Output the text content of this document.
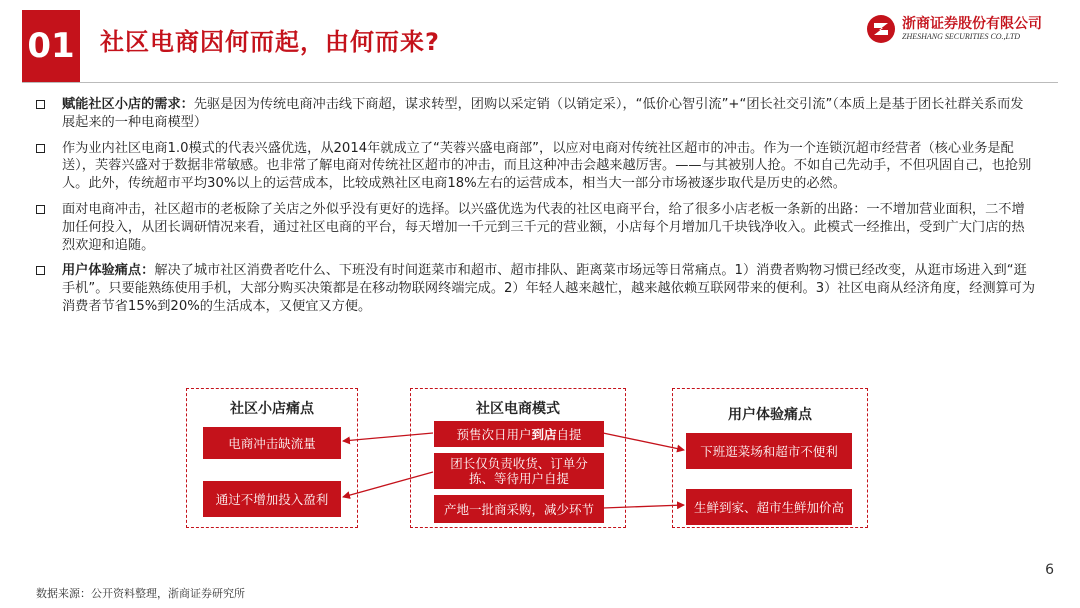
01 社区电商因何而起，由何而来?
浙商证券股份有限公司
ZHESHANG SECURITIES CO.,LTD
赋能社区小店的需求：先驱是因为传统电商冲击线下商超，谋求转型，团购以采定销（以销定采），“低价心智引流”+“团长社交引流”（本质上是基于团长社群关系而发展起来的一种电商模型）
作为业内社区电商1.0模式的代表兴盛优选，从2014年就成立了“芙蓉兴盛电商部”，以应对电商对传统社区超市的冲击。作为一个连锁沉超市经营者（核心业务是配送），芙蓉兴盛对于数据非常敏感。也非常了解电商对传统社区超市的冲击，而且这种冲击会越来越厉害。——与其被别人抢。不如自己先动手，不但巩固自己，也抢别人。此外，传统超市平均30%以上的运营成本，比较成熟社区电商18%左右的运营成本，相当大一部分市场被逐步取代是历史的必然。
面对电商冲击，社区超市的老板除了关店之外似乎没有更好的选择。以兴盛优选为代表的社区电商平台，给了很多小店老板一条新的出路：一不增加营业面积，二不增加任何投入，从团长调研情况来看，通过社区电商的平台，每天增加一千元到三千元的营业额，小店每个月增加几千块钱净收入。此模式一经推出，受到广大门店的热烈欢迎和追随。
用户体验痛点：解决了城市社区消费者吃什么、下班没有时间逛菜市和超市、超市排队、距离菜市场远等日常痛点。1）消费者购物习惯已经改变，从逛市场进入到“逛手机”。只要能熟练使用手机，大部分购买决策都是在移动物联网终端完成。2）年轻人越来越忙，越来越依赖互联网带来的便利。3）社区电商从经济角度，经测算可为消费者节省15%到20%的生活成本，又便宜又方便。
社区小店痛点
电商冲击缺流量
通过不增加投入盈利
社区电商模式
预售次日用户 到店 自提
团长仅负责收货、订单分拣、等待用户自提
产地一批商采购，减少环节
用户体验痛点
下班逛菜场和超市不便利
生鲜到家、超市生鲜加价高
6
数据来源：公开资料整理，浙商证券研究所
